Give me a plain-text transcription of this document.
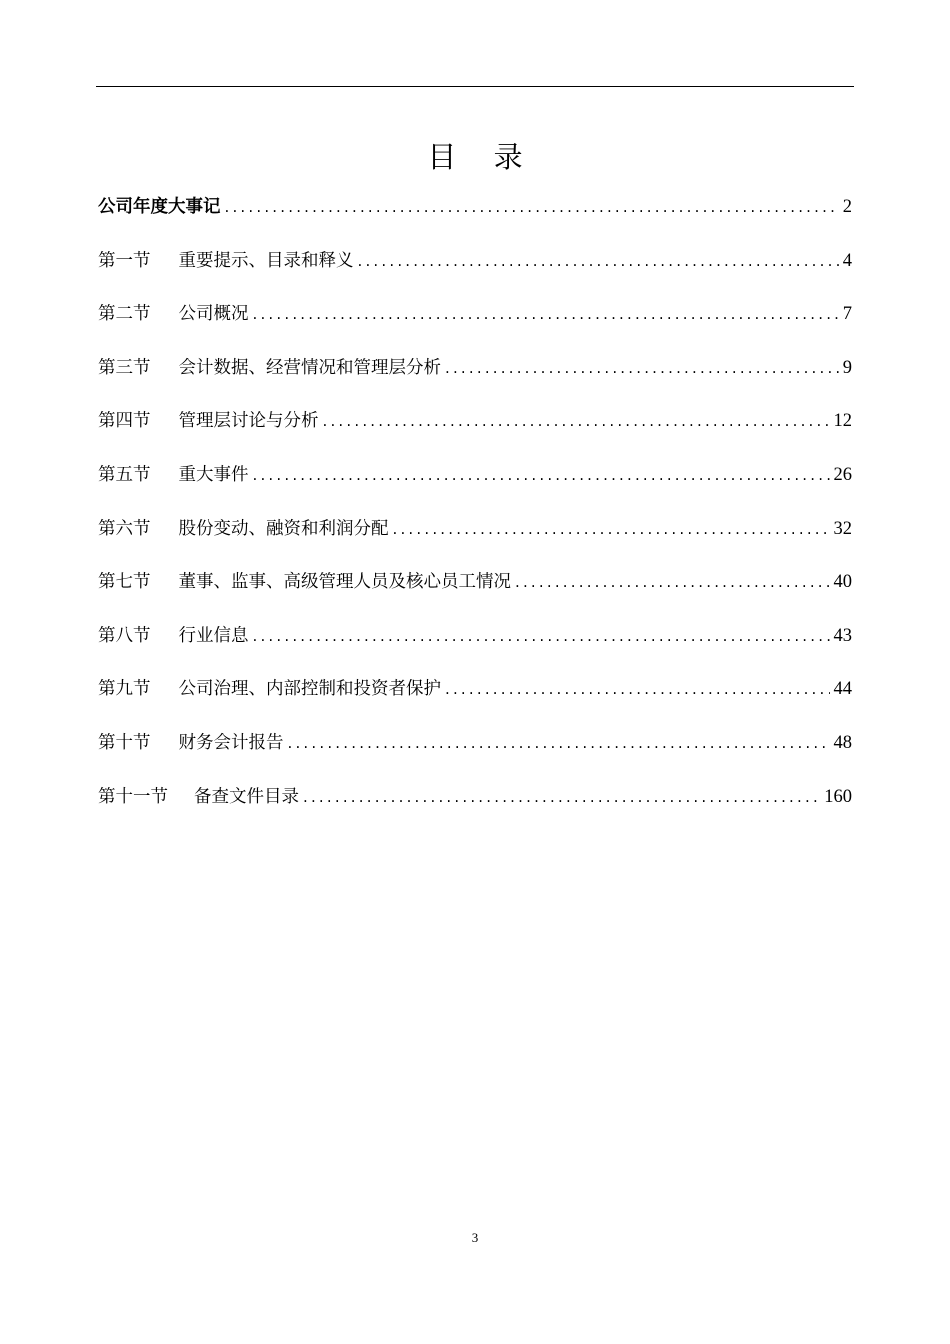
目 录
公司年度大事记 .....	2
第一节 重要提示、目录和释义 .....	4
第二节 公司概况 .....	7
第三节 会计数据、经营情况和管理层分析 .....	9
第四节 管理层讨论与分析 .....	12
第五节 重大事件 .....	26
第六节 股份变动、融资和利润分配 .....	32
第七节 董事、监事、高级管理人员及核心员工情况 .....	40
第八节 行业信息 .....	43
第九节 公司治理、内部控制和投资者保护 .....	44
第十节 财务会计报告 .....	48
第十一节 备查文件目录 .....	160
3
